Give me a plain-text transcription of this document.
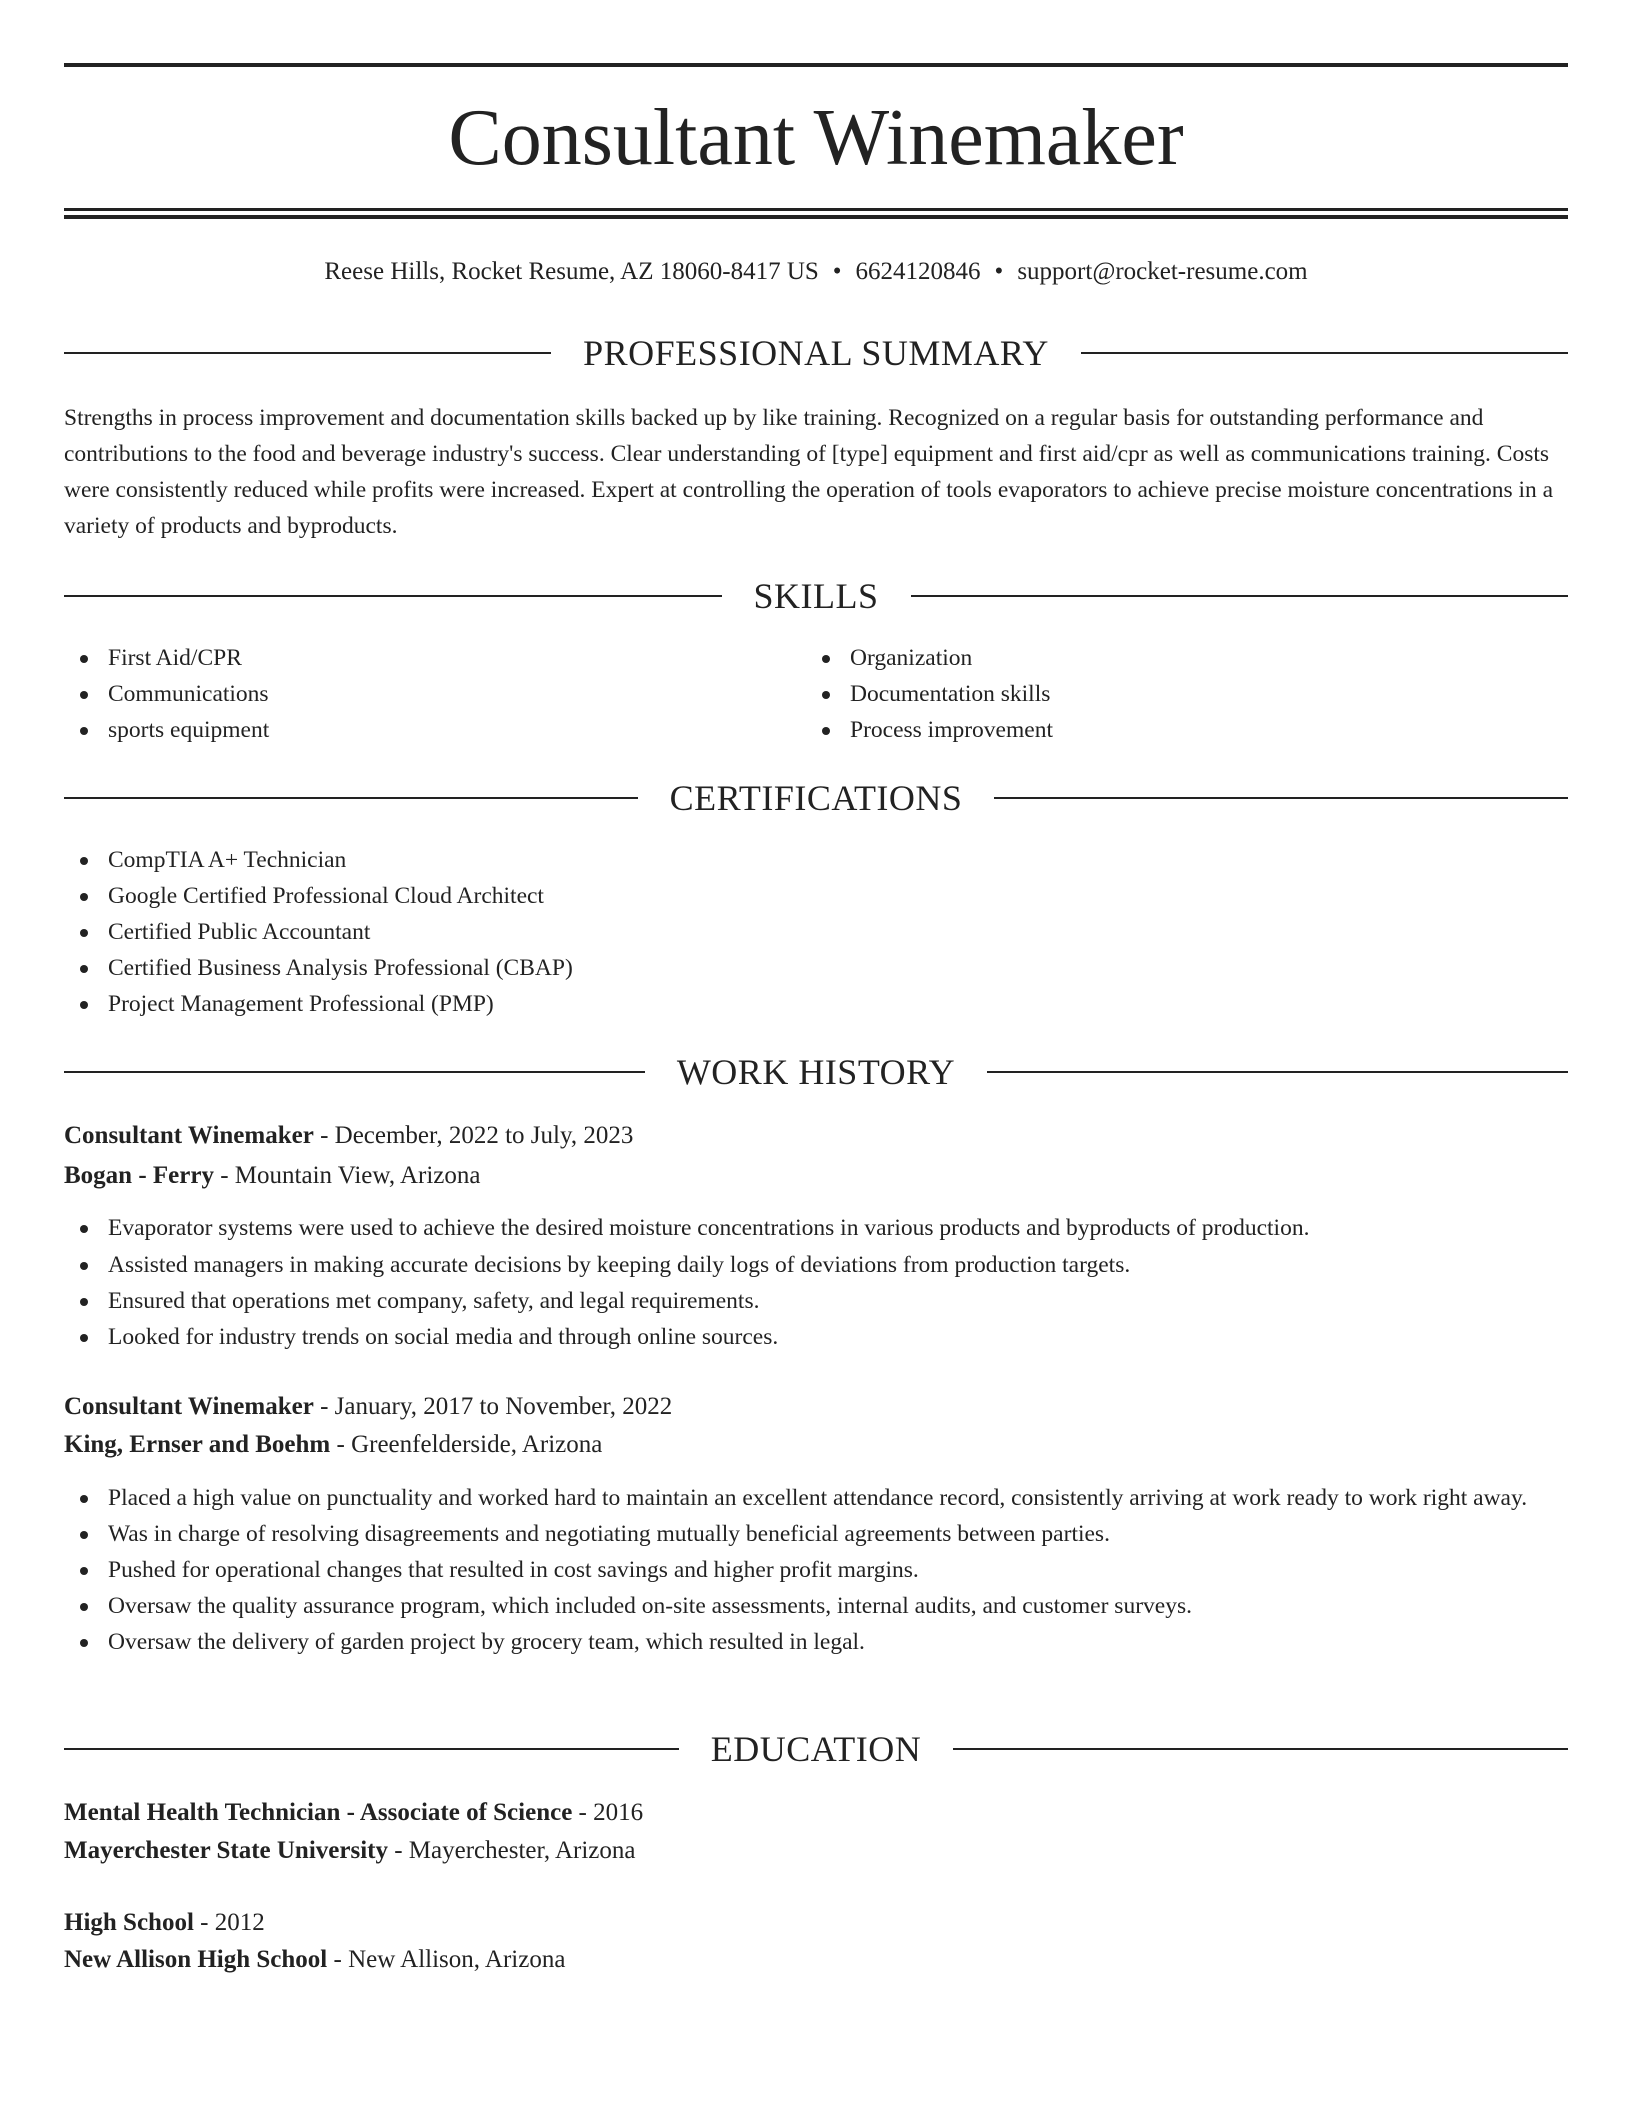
Consultant Winemaker
Reese Hills, Rocket Resume, AZ 18060-8417 US • 6624120846 • support@rocket-resume.com
PROFESSIONAL SUMMARY

Strengths in process improvement and documentation skills backed up by like training. Recognized on a regular basis for outstanding performance and contributions to the food and beverage industry's success. Clear understanding of [type] equipment and first aid/cpr as well as communications training. Costs were consistently reduced while profits were increased. Expert at controlling the operation of tools evaporators to achieve precise moisture concentrations in a variety of products and byproducts.

SKILLS
First Aid/CPR
Communications
sports equipment
Organization
Documentation skills
Process improvement
CERTIFICATIONS
CompTIA A+ Technician
Google Certified Professional Cloud Architect
Certified Public Accountant
Certified Business Analysis Professional (CBAP)
Project Management Professional (PMP)
WORK HISTORY
Consultant Winemaker - December, 2022 to July, 2023
Bogan - Ferry - Mountain View, Arizona
Evaporator systems were used to achieve the desired moisture concentrations in various products and byproducts of production.
Assisted managers in making accurate decisions by keeping daily logs of deviations from production targets.
Ensured that operations met company, safety, and legal requirements.
Looked for industry trends on social media and through online sources.
Consultant Winemaker - January, 2017 to November, 2022
King, Ernser and Boehm - Greenfelderside, Arizona
Placed a high value on punctuality and worked hard to maintain an excellent attendance record, consistently arriving at work ready to work right away.
Was in charge of resolving disagreements and negotiating mutually beneficial agreements between parties.
Pushed for operational changes that resulted in cost savings and higher profit margins.
Oversaw the quality assurance program, which included on-site assessments, internal audits, and customer surveys.
Oversaw the delivery of garden project by grocery team, which resulted in legal.
EDUCATION
Mental Health Technician - Associate of Science - 2016
Mayerchester State University - Mayerchester, Arizona
High School - 2012
New Allison High School - New Allison, Arizona
